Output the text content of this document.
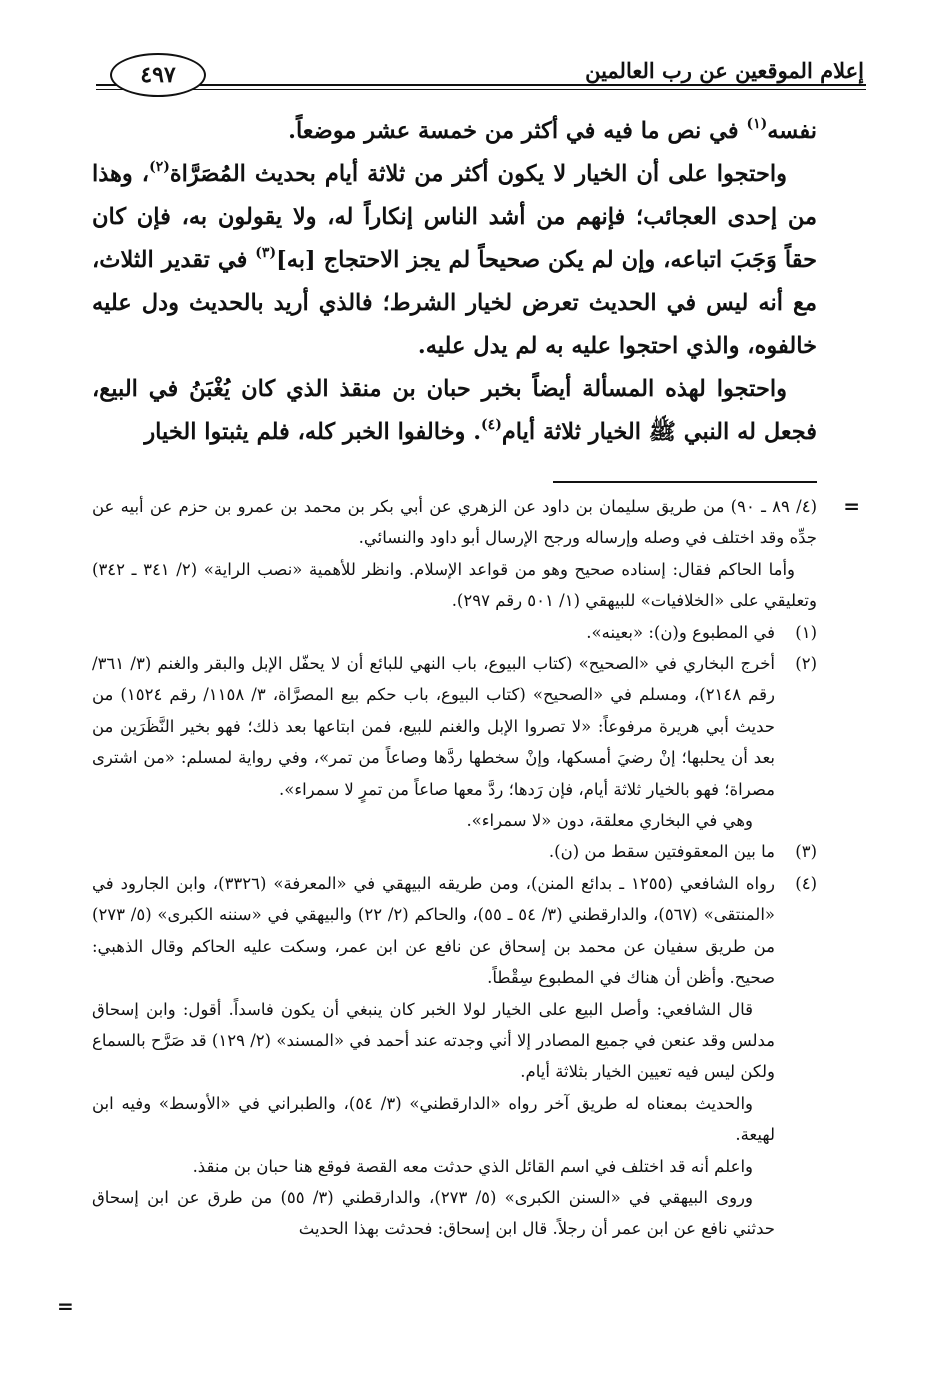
إعلام الموقعين عن رب العالمين
٤٩٧

نفسه$^{(١)}$ في نص ما فيه في أكثر من خمسة عشر موضعاً.

واحتجوا على أن الخيار لا يكون أكثر من ثلاثة أيام بحديث المُصَرَّاة$^{(٢)}$، وهذا من إحدى العجائب؛ فإنهم من أشد الناس إنكاراً له، ولا يقولون به، فإن كان حقاً وَجَبَ اتباعه، وإن لم يكن صحيحاً لم يجز الاحتجاج [به]$^{(٣)}$ في تقدير الثلاث، مع أنه ليس في الحديث تعرض لخيار الشرط؛ فالذي أريد بالحديث ودل عليه خالفوه، والذي احتجوا عليه به لم يدل عليه.

واحتجوا لهذه المسألة أيضاً بخبر حبان بن منقذ الذي كان يُغْبَنُ في البيع، فجعل له النبي ﷺ الخيار ثلاثة أيام$^{(٤)}$. وخالفوا الخبر كله، فلم يثبتوا الخيار

=

(٤/ ٨٩ ـ ٩٠) من طريق سليمان بن داود عن الزهري عن أبي بكر بن محمد بن عمرو بن حزم عن أبيه عن جدِّه وقد اختلف في وصله وإرساله ورجح الإرسال أبو داود والنسائي.

وأما الحاكم فقال: إسناده صحيح وهو من قواعد الإسلام. وانظر للأهمية «نصب الراية» (٢/ ٣٤١ ـ ٣٤٢) وتعليقي على «الخلافيات» للبيهقي (١/ ٥٠١ رقم ٢٩٧).

(١)

في المطبوع و(ن): «بعينه».

(٢)

أخرج البخاري في «الصحيح» (كتاب البيوع، باب النهي للبائع أن لا يحفّل الإبل والبقر والغنم (٣/ ٣٦١/ رقم ٢١٤٨)، ومسلم في «الصحيح» (كتاب البيوع، باب حكم بيع المصرَّاة، ٣/ ١١٥٨/ رقم ١٥٢٤) من حديث أبي هريرة مرفوعاً: «لا تصروا الإبل والغنم للبيع، فمن ابتاعها بعد ذلك؛ فهو بخير النَّظَرَين من بعد أن يحلبها؛ إنْ رضيَ أمسكها، وإنْ سخطها ردَّها وصاعاً من تمر»، وفي رواية لمسلم: «من اشترى مصراة؛ فهو بالخيار ثلاثة أيام، فإن رَدها؛ ردَّ معها صاعاً من تمرٍ لا سمراء».

وهي في البخاري معلقة، دون «لا سمراء».

(٣)

ما بين المعقوفتين سقط من (ن).

(٤)

رواه الشافعي (١٢٥٥ ـ بدائع المنن)، ومن طريقه البيهقي في «المعرفة» (٣٣٢٦)، وابن الجارود في «المنتقى» (٥٦٧)، والدارقطني (٣/ ٥٤ ـ ٥٥)، والحاكم (٢/ ٢٢) والبيهقي في «سننه الكبرى» (٥/ ٢٧٣) من طريق سفيان عن محمد بن إسحاق عن نافع عن ابن عمر، وسكت عليه الحاكم وقال الذهبي: صحيح. وأظن أن هناك في المطبوع سِقْطاً.

قال الشافعي: وأصل البيع على الخيار لولا الخبر كان ينبغي أن يكون فاسداً. أقول: وابن إسحاق مدلس وقد عنعن في جميع المصادر إلا أني وجدته عند أحمد في «المسند» (٢/ ١٢٩) قد صَرَّح بالسماع ولكن ليس فيه تعيين الخيار بثلاثة أيام.

والحديث بمعناه له طريق آخر رواه «الدارقطني» (٣/ ٥٤)، والطبراني في «الأوسط» وفيه ابن لهيعة.

واعلم أنه قد اختلف في اسم القائل الذي حدثت معه القصة فوقع هنا حبان بن منقذ.

وروى البيهقي في «السنن الكبرى» (٥/ ٢٧٣)، والدارقطني (٣/ ٥٥) من طرق عن ابن إسحاق حدثني نافع عن ابن عمر أن رجلاً. قال ابن إسحاق: فحدثت بهذا الحديث

=
